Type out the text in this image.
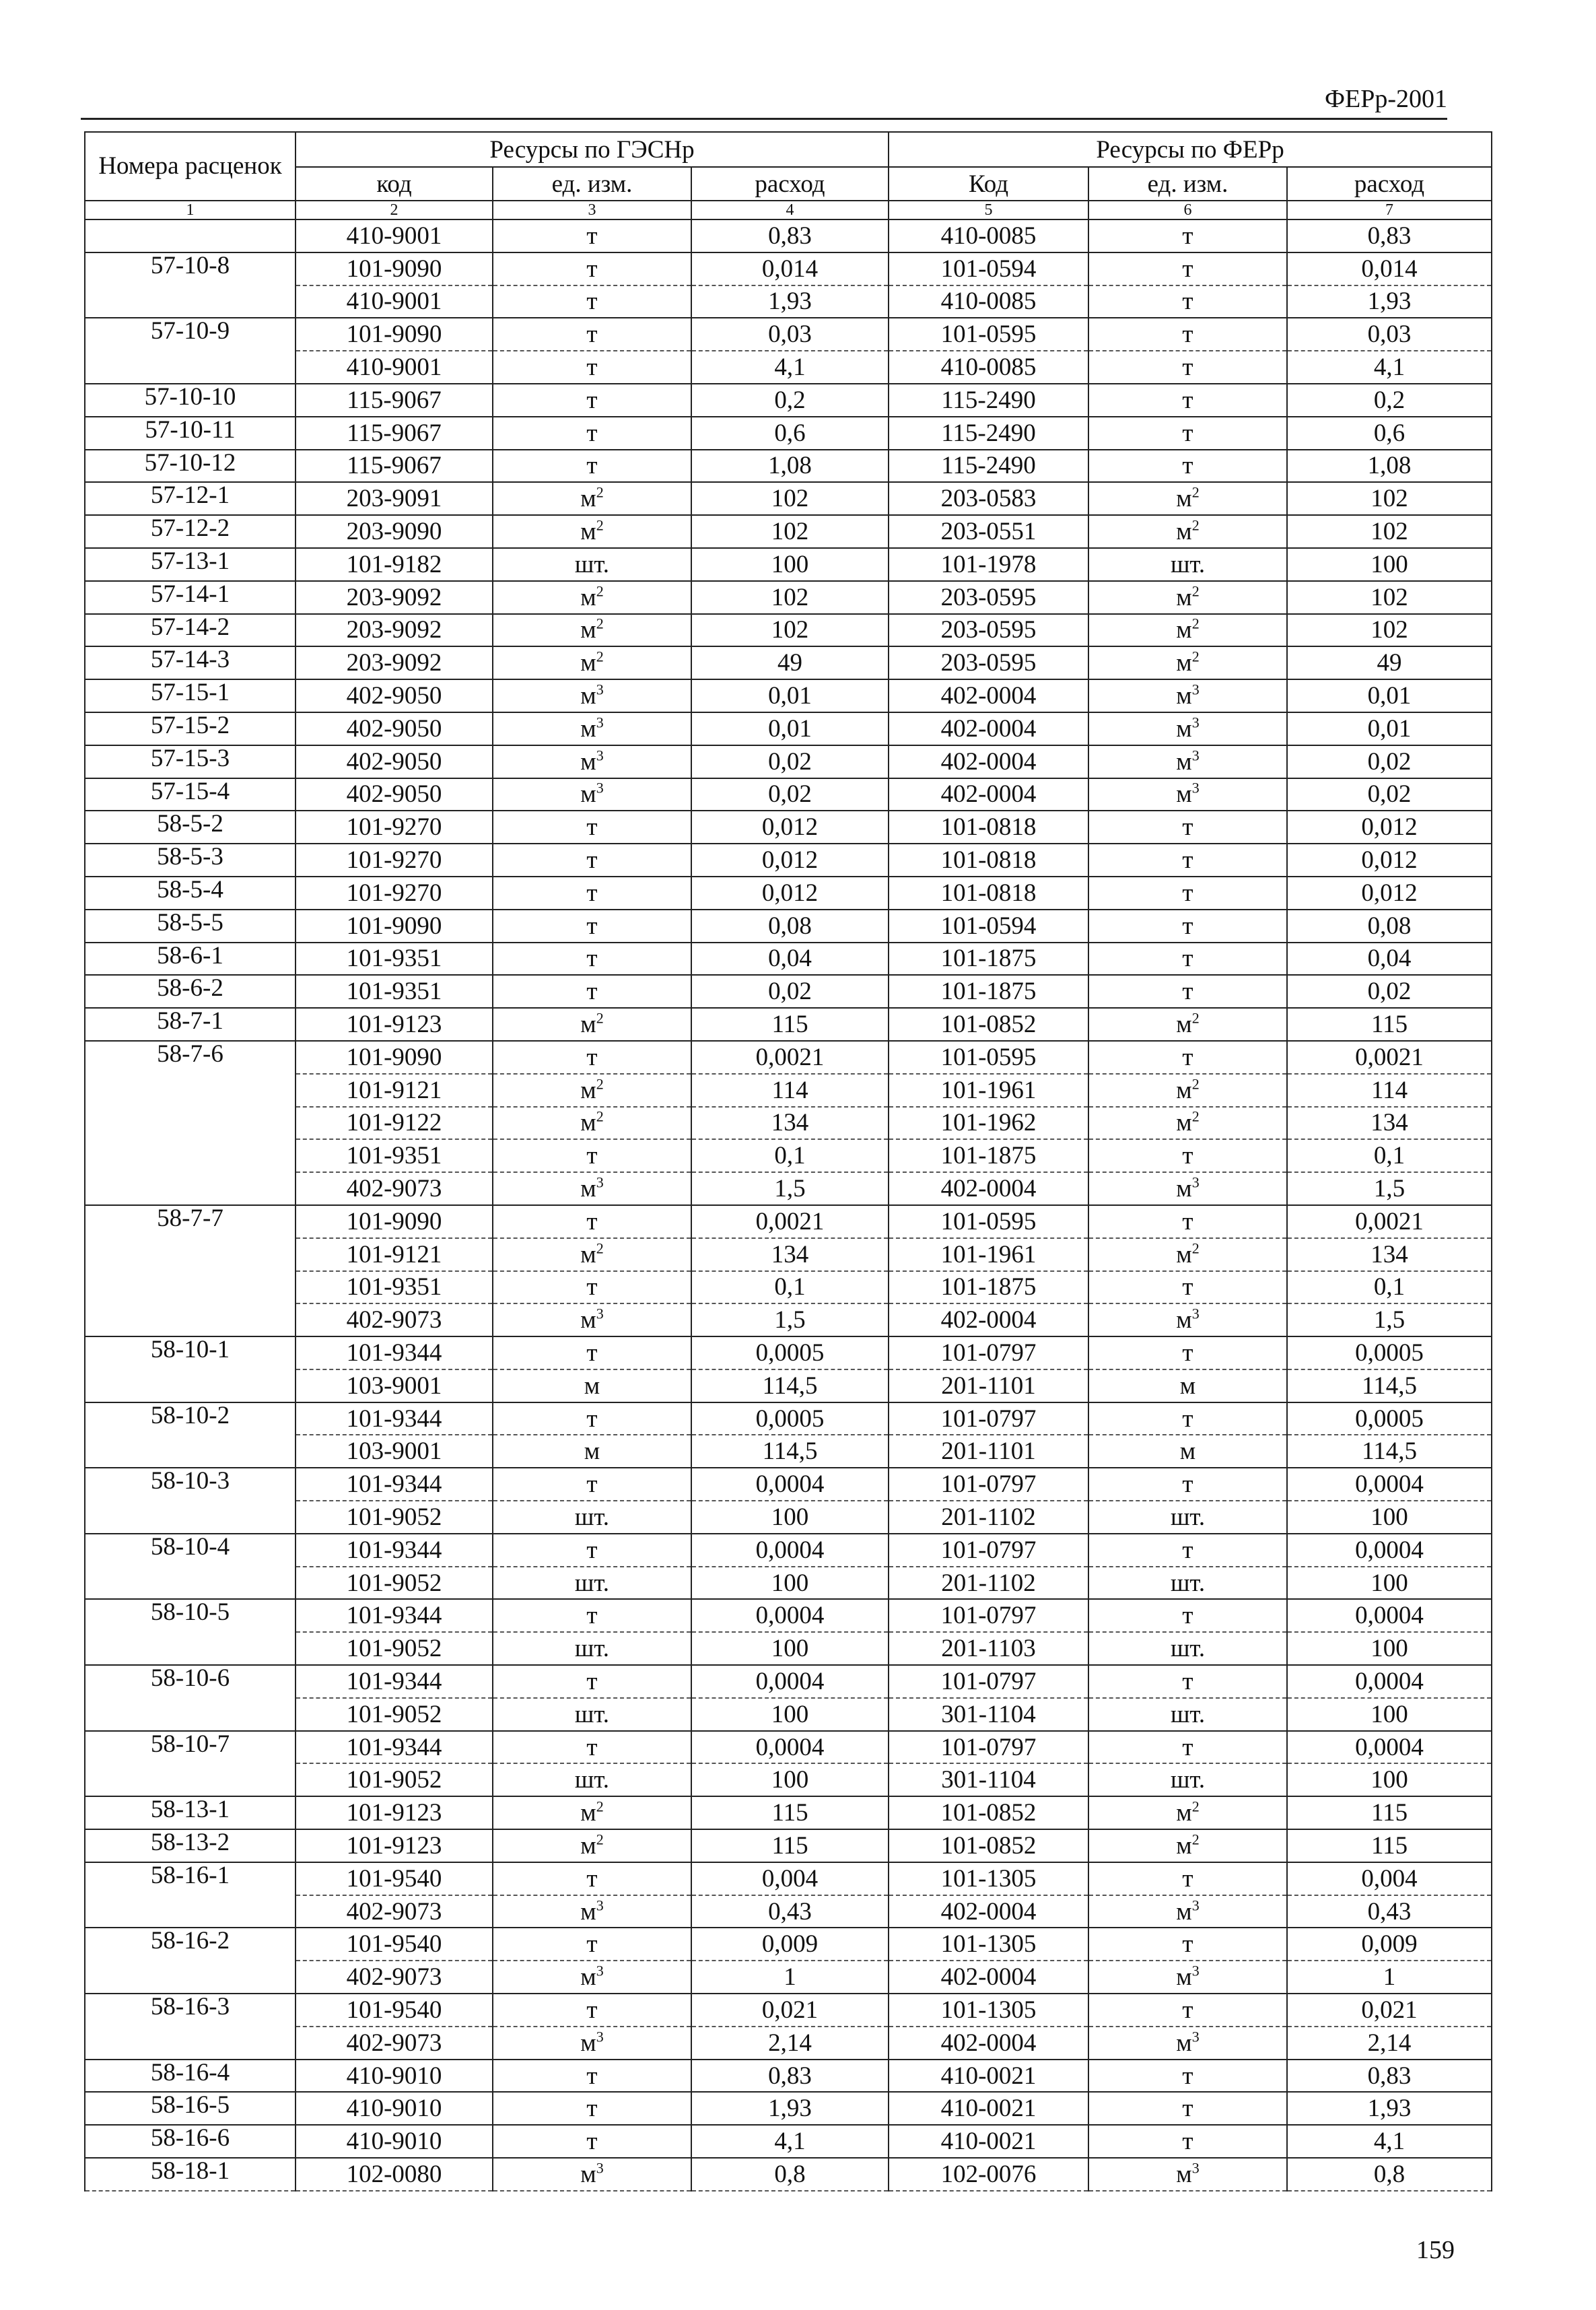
ФЕРр-2001
Номера расценок	Ресурсы по ГЭСНр			Ресурсы по ФЕРр		
	код	ед. изм.	расход	Код	ед. изм.	расход
1	2	3	4	5	6	7
	410-9001	т	0,83	410-0085	т	0,83
57-10-8	101-9090	т	0,014	101-0594	т	0,014
	410-9001	т	1,93	410-0085	т	1,93
57-10-9	101-9090	т	0,03	101-0595	т	0,03
	410-9001	т	4,1	410-0085	т	4,1
57-10-10	115-9067	т	0,2	115-2490	т	0,2
57-10-11	115-9067	т	0,6	115-2490	т	0,6
57-10-12	115-9067	т	1,08	115-2490	т	1,08
57-12-1	203-9091	$м^2$	102	203-0583	$м^2$	102
57-12-2	203-9090	$м^2$	102	203-0551	$м^2$	102
57-13-1	101-9182	шт.	100	101-1978	шт.	100
57-14-1	203-9092	$м^2$	102	203-0595	$м^2$	102
57-14-2	203-9092	$м^2$	102	203-0595	$м^2$	102
57-14-3	203-9092	$м^2$	49	203-0595	$м^2$	49
57-15-1	402-9050	$м^3$	0,01	402-0004	$м^3$	0,01
57-15-2	402-9050	$м^3$	0,01	402-0004	$м^3$	0,01
57-15-3	402-9050	$м^3$	0,02	402-0004	$м^3$	0,02
57-15-4	402-9050	$м^3$	0,02	402-0004	$м^3$	0,02
58-5-2	101-9270	т	0,012	101-0818	т	0,012
58-5-3	101-9270	т	0,012	101-0818	т	0,012
58-5-4	101-9270	т	0,012	101-0818	т	0,012
58-5-5	101-9090	т	0,08	101-0594	т	0,08
58-6-1	101-9351	т	0,04	101-1875	т	0,04
58-6-2	101-9351	т	0,02	101-1875	т	0,02
58-7-1	101-9123	$м^2$	115	101-0852	$м^2$	115
58-7-6	101-9090	т	0,0021	101-0595	т	0,0021
	101-9121	$м^2$	114	101-1961	$м^2$	114
	101-9122	$м^2$	134	101-1962	$м^2$	134
	101-9351	т	0,1	101-1875	т	0,1
	402-9073	$м^3$	1,5	402-0004	$м^3$	1,5
58-7-7	101-9090	т	0,0021	101-0595	т	0,0021
	101-9121	$м^2$	134	101-1961	$м^2$	134
	101-9351	т	0,1	101-1875	т	0,1
	402-9073	$м^3$	1,5	402-0004	$м^3$	1,5
58-10-1	101-9344	т	0,0005	101-0797	т	0,0005
	103-9001	м	114,5	201-1101	м	114,5
58-10-2	101-9344	т	0,0005	101-0797	т	0,0005
	103-9001	м	114,5	201-1101	м	114,5
58-10-3	101-9344	т	0,0004	101-0797	т	0,0004
	101-9052	шт.	100	201-1102	шт.	100
58-10-4	101-9344	т	0,0004	101-0797	т	0,0004
	101-9052	шт.	100	201-1102	шт.	100
58-10-5	101-9344	т	0,0004	101-0797	т	0,0004
	101-9052	шт.	100	201-1103	шт.	100
58-10-6	101-9344	т	0,0004	101-0797	т	0,0004
	101-9052	шт.	100	301-1104	шт.	100
58-10-7	101-9344	т	0,0004	101-0797	т	0,0004
	101-9052	шт.	100	301-1104	шт.	100
58-13-1	101-9123	$м^2$	115	101-0852	$м^2$	115
58-13-2	101-9123	$м^2$	115	101-0852	$м^2$	115
58-16-1	101-9540	т	0,004	101-1305	т	0,004
	402-9073	$м^3$	0,43	402-0004	$м^3$	0,43
58-16-2	101-9540	т	0,009	101-1305	т	0,009
	402-9073	$м^3$	1	402-0004	$м^3$	1
58-16-3	101-9540	т	0,021	101-1305	т	0,021
	402-9073	$м^3$	2,14	402-0004	$м^3$	2,14
58-16-4	410-9010	т	0,83	410-0021	т	0,83
58-16-5	410-9010	т	1,93	410-0021	т	1,93
58-16-6	410-9010	т	4,1	410-0021	т	4,1
58-18-1	102-0080	$м^3$	0,8	102-0076	$м^3$	0,8
159
